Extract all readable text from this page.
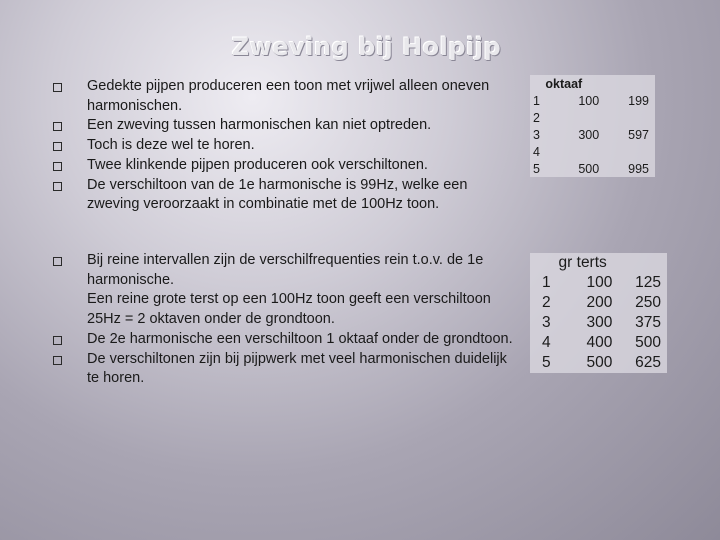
Zweving bij Holpijp
Gedekte pijpen produceren een toon met vrijwel alleen oneven harmonischen.
Een zweving tussen harmonischen kan niet optreden.
Toch is deze wel te horen.
Twee klinkende pijpen produceren ook verschiltonen.
De verschiltoon van de 1e harmonische is 99Hz, welke een zweving veroorzaakt in combinatie met de 100Hz toon.
Bij reine intervallen zijn de verschilfrequenties rein t.o.v. de 1e harmonische.
Een reine grote terst op een 100Hz toon geeft een verschiltoon 25Hz = 2 oktaven onder de grondtoon.
De 2e harmonische een verschiltoon 1 oktaaf onder de grondtoon.
De verschiltonen zijn bij pijpwerk met veel harmonischen duidelijk te horen.
	oktaaf	
1	100	199
2		
3	300	597
4		
5	500	995
	gr terts	
1	100	125
2	200	250
3	300	375
4	400	500
5	500	625
